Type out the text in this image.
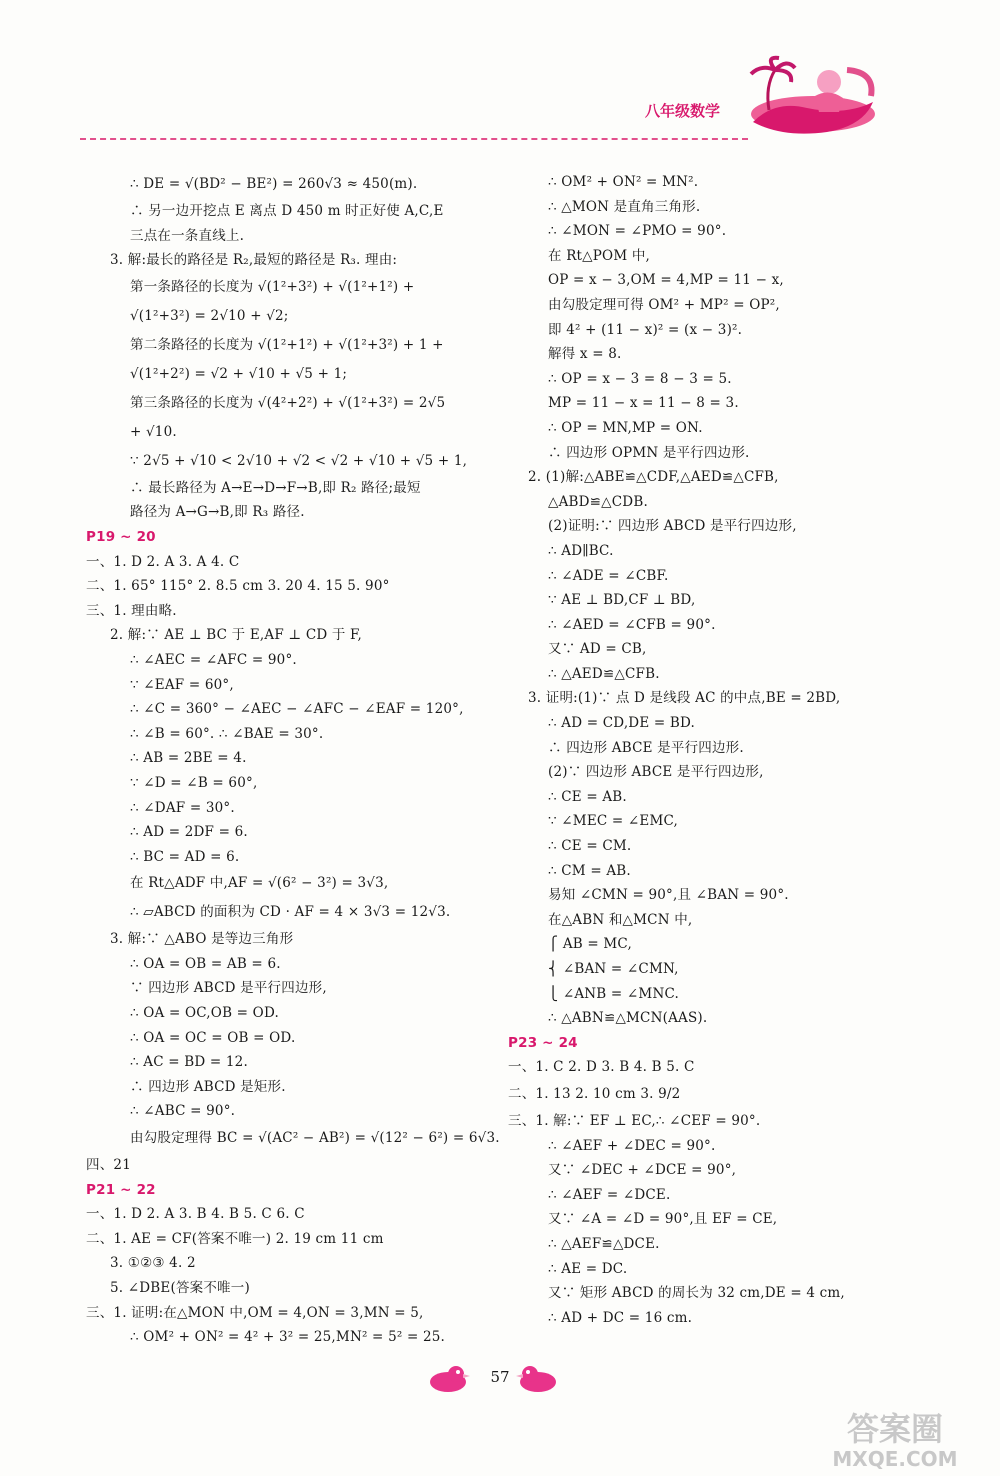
八年级数学
∴ DE = √(BD² − BE²) = 260√3 ≈ 450(m).
∴ 另一边开挖点 E 离点 D 450 m 时正好使 A,C,E
三点在一条直线上.
3. 解:最长的路径是 R₂,最短的路径是 R₃. 理由:
第一条路径的长度为 √(1²+3²) + √(1²+1²) +
√(1²+3²) = 2√10 + √2;
第二条路径的长度为 √(1²+1²) + √(1²+3²) + 1 +
√(1²+2²) = √2 + √10 + √5 + 1;
第三条路径的长度为 √(4²+2²) + √(1²+3²) = 2√5
+ √10.
∵ 2√5 + √10 < 2√10 + √2 < √2 + √10 + √5 + 1,
∴ 最长路径为 A→E→D→F→B,即 R₂ 路径;最短
路径为 A→G→B,即 R₃ 路径.
P19 ~ 20
一、1. D 2. A 3. A 4. C
二、1. 65° 115° 2. 8.5 cm 3. 20 4. 15 5. 90°
三、1. 理由略.
2. 解:∵ AE ⊥ BC 于 E,AF ⊥ CD 于 F,
∴ ∠AEC = ∠AFC = 90°.
∵ ∠EAF = 60°,
∴ ∠C = 360° − ∠AEC − ∠AFC − ∠EAF = 120°,
∴ ∠B = 60°. ∴ ∠BAE = 30°.
∴ AB = 2BE = 4.
∵ ∠D = ∠B = 60°,
∴ ∠DAF = 30°.
∴ AD = 2DF = 6.
∴ BC = AD = 6.
在 Rt△ADF 中,AF = √(6² − 3²) = 3√3,
∴ ▱ABCD 的面积为 CD · AF = 4 × 3√3 = 12√3.
3. 解:∵ △ABO 是等边三角形
∴ OA = OB = AB = 6.
∵ 四边形 ABCD 是平行四边形,
∴ OA = OC,OB = OD.
∴ OA = OC = OB = OD.
∴ AC = BD = 12.
∴ 四边形 ABCD 是矩形.
∴ ∠ABC = 90°.
由勾股定理得 BC = √(AC² − AB²) = √(12² − 6²) = 6√3.
四、21
P21 ~ 22
一、1. D 2. A 3. B 4. B 5. C 6. C
二、1. AE = CF(答案不唯一) 2. 19 cm 11 cm
3. ①②③ 4. 2
5. ∠DBE(答案不唯一)
三、1. 证明:在△MON 中,OM = 4,ON = 3,MN = 5,
∴ OM² + ON² = 4² + 3² = 25,MN² = 5² = 25.
∴ OM² + ON² = MN².
∴ △MON 是直角三角形.
∴ ∠MON = ∠PMO = 90°.
在 Rt△POM 中,
OP = x − 3,OM = 4,MP = 11 − x,
由勾股定理可得 OM² + MP² = OP²,
即 4² + (11 − x)² = (x − 3)².
解得 x = 8.
∴ OP = x − 3 = 8 − 3 = 5.
MP = 11 − x = 11 − 8 = 3.
∴ OP = MN,MP = ON.
∴ 四边形 OPMN 是平行四边形.
2. (1)解:△ABE≌△CDF,△AED≌△CFB,
△ABD≌△CDB.
(2)证明:∵ 四边形 ABCD 是平行四边形,
∴ AD∥BC.
∴ ∠ADE = ∠CBF.
∵ AE ⊥ BD,CF ⊥ BD,
∴ ∠AED = ∠CFB = 90°.
又∵ AD = CB,
∴ △AED≌△CFB.
3. 证明:(1)∵ 点 D 是线段 AC 的中点,BE = 2BD,
∴ AD = CD,DE = BD.
∴ 四边形 ABCE 是平行四边形.
(2)∵ 四边形 ABCE 是平行四边形,
∴ CE = AB.
∵ ∠MEC = ∠EMC,
∴ CE = CM.
∴ CM = AB.
易知 ∠CMN = 90°,且 ∠BAN = 90°.
在△ABN 和△MCN 中,
⎧ AB = MC,
⎨ ∠BAN = ∠CMN,
⎩ ∠ANB = ∠MNC.
∴ △ABN≌△MCN(AAS).
P23 ~ 24
一、1. C 2. D 3. B 4. B 5. C
二、1. 13 2. 10 cm 3. 9/2
三、1. 解:∵ EF ⊥ EC,∴ ∠CEF = 90°.
∴ ∠AEF + ∠DEC = 90°.
又∵ ∠DEC + ∠DCE = 90°,
∴ ∠AEF = ∠DCE.
又∵ ∠A = ∠D = 90°,且 EF = CE,
∴ △AEF≌△DCE.
∴ AE = DC.
又∵ 矩形 ABCD 的周长为 32 cm,DE = 4 cm,
∴ AD + DC = 16 cm.
57
答案圈
MXQE.COM
